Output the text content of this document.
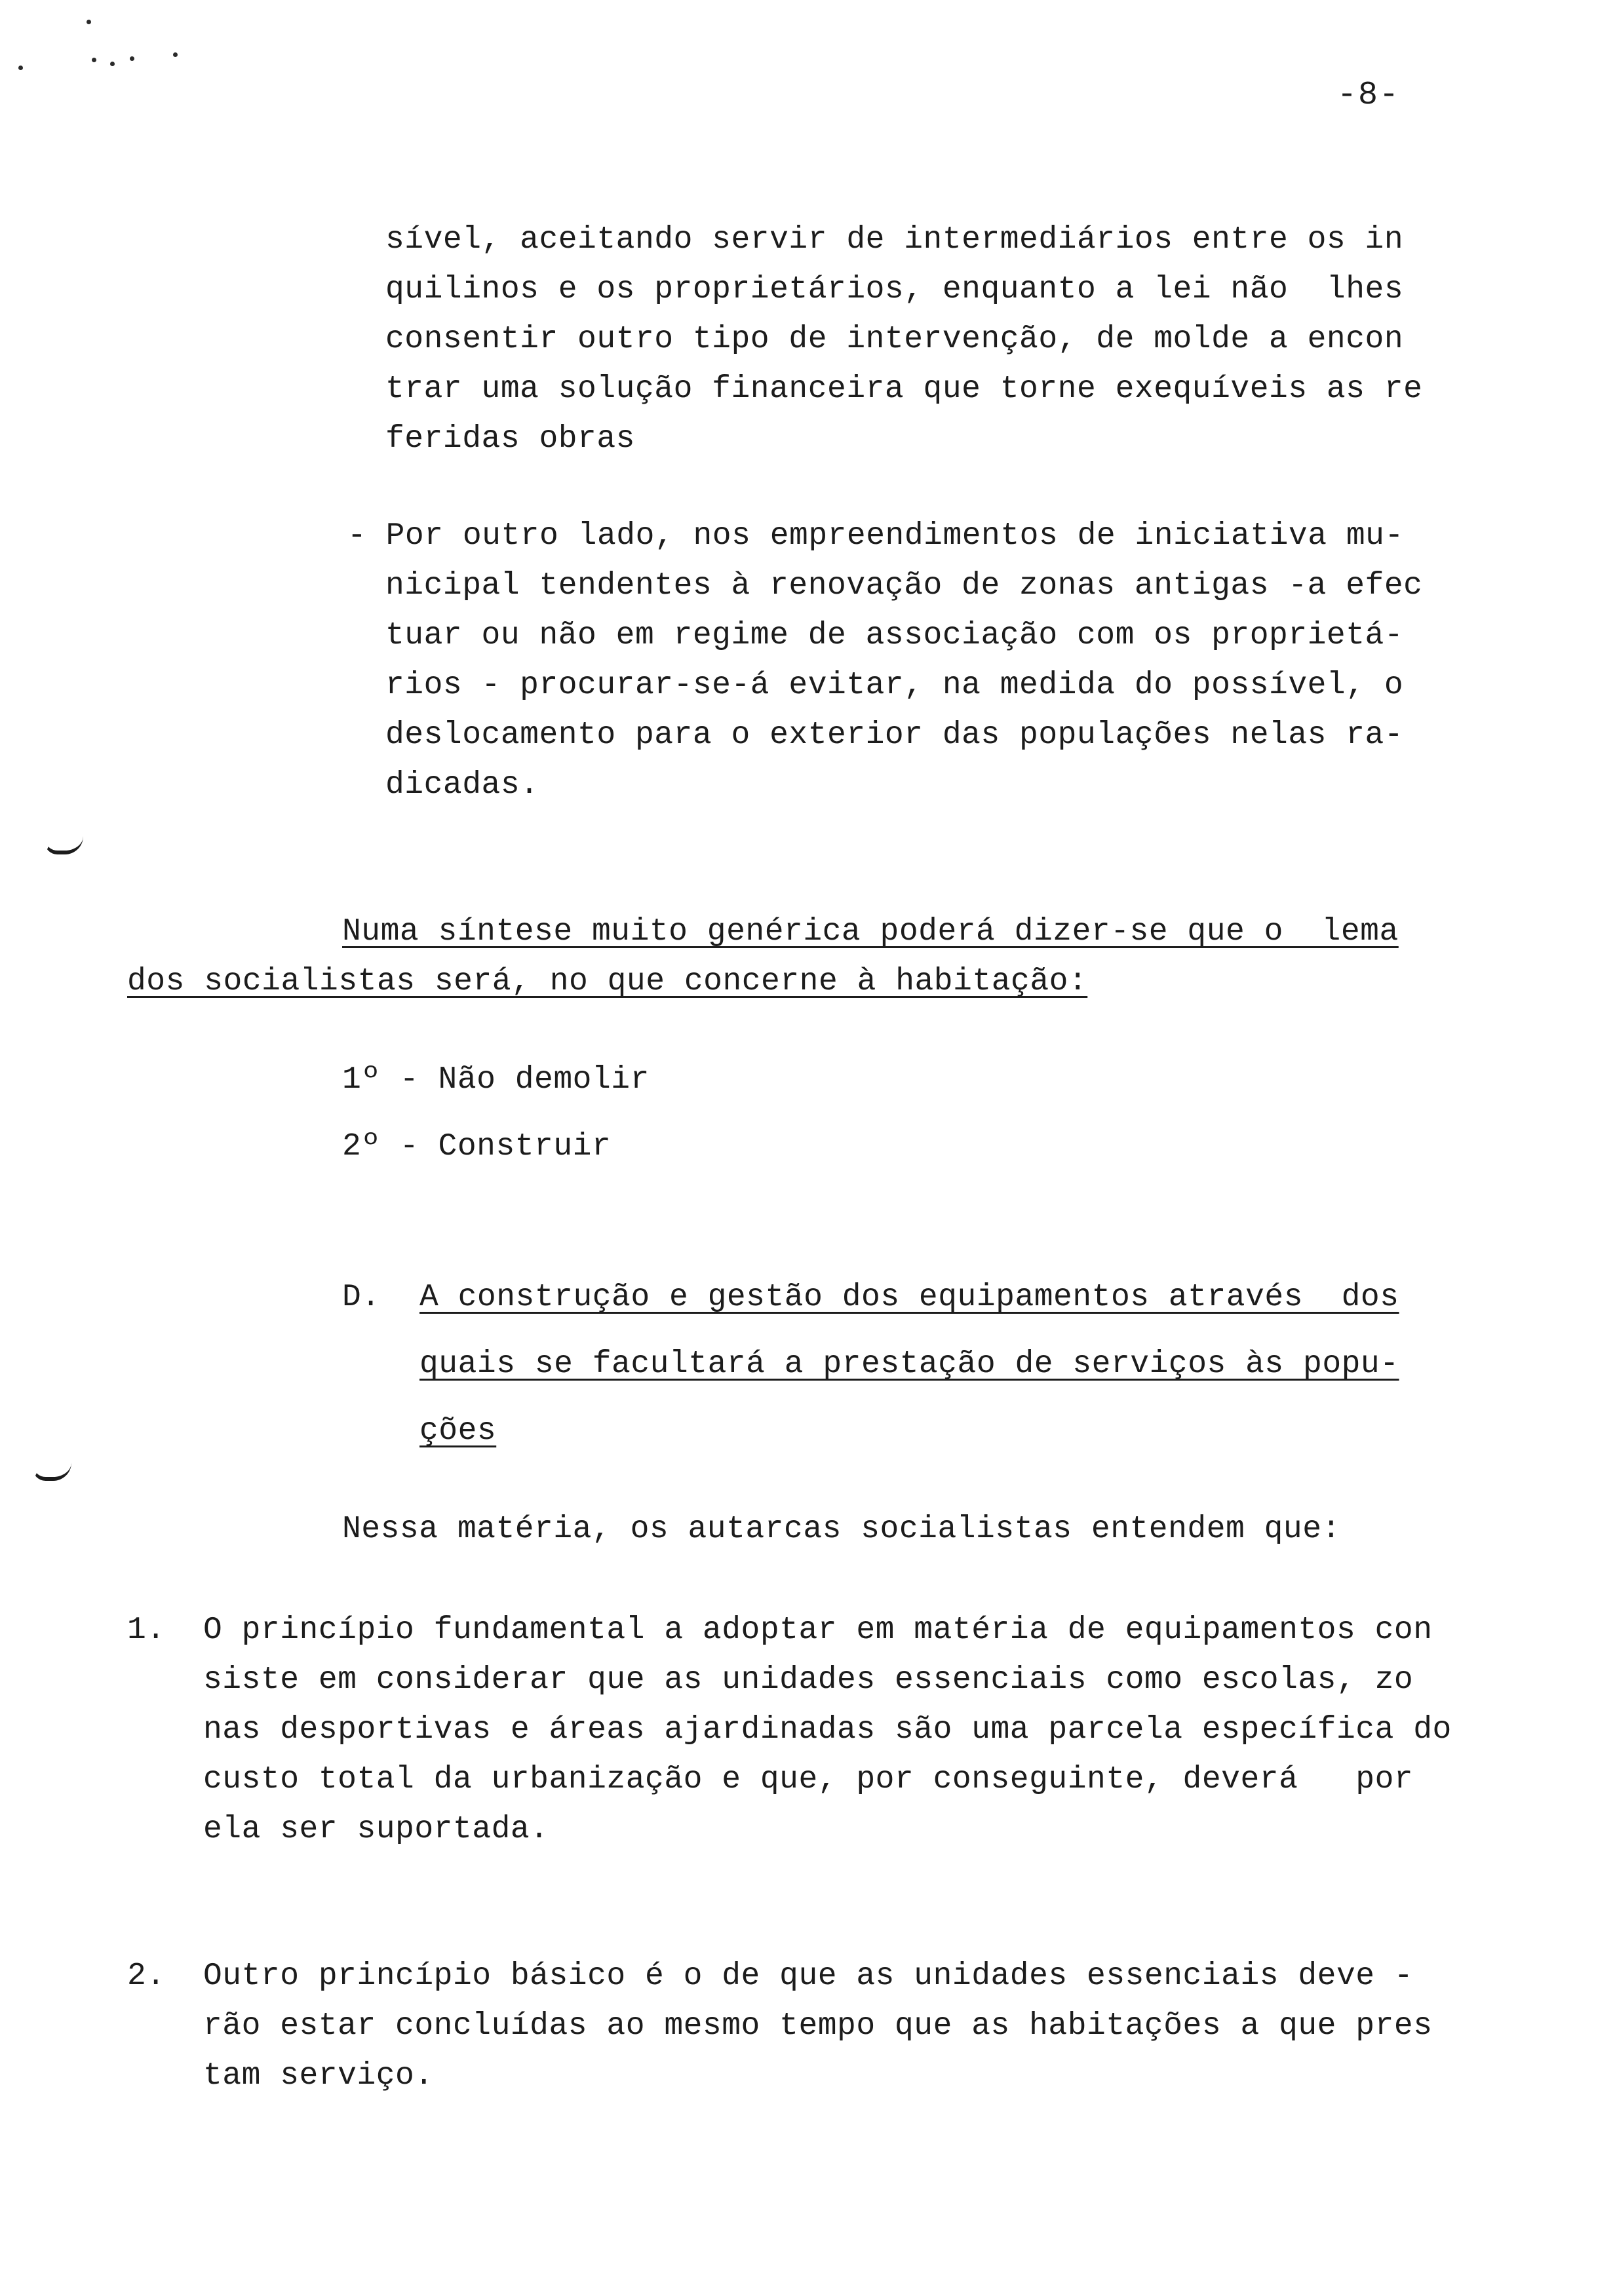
-8-
sível, aceitando servir de intermediários entre os in
quilinos e os proprietários, enquanto a lei não  lhes
consentir outro tipo de intervenção, de molde a encon
trar uma solução financeira que torne exequíveis as re
feridas obras
- Por outro lado, nos empreendimentos de iniciativa mu-
nicipal tendentes à renovação de zonas antigas -a efec
tuar ou não em regime de associação com os proprietá-
rios - procurar-se-á evitar, na medida do possível, o
deslocamento para o exterior das populações nelas ra-
dicadas.
Numa síntese muito genérica poderá dizer-se que o  lema
dos socialistas será, no que concerne à habitação:
1º - Não demolir
2º - Construir
D. A construção e gestão dos equipamentos através  dos
quais se facultará a prestação de serviços às popu-
ções
Nessa matéria, os autarcas socialistas entendem que:
1. O princípio fundamental a adoptar em matéria de equipamentos con
siste em considerar que as unidades essenciais como escolas, zo
nas desportivas e áreas ajardinadas são uma parcela específica do
custo total da urbanização e que, por conseguinte, deverá   por
ela ser suportada.
2. Outro princípio básico é o de que as unidades essenciais deve -
rão estar concluídas ao mesmo tempo que as habitações a que pres
tam serviço.
